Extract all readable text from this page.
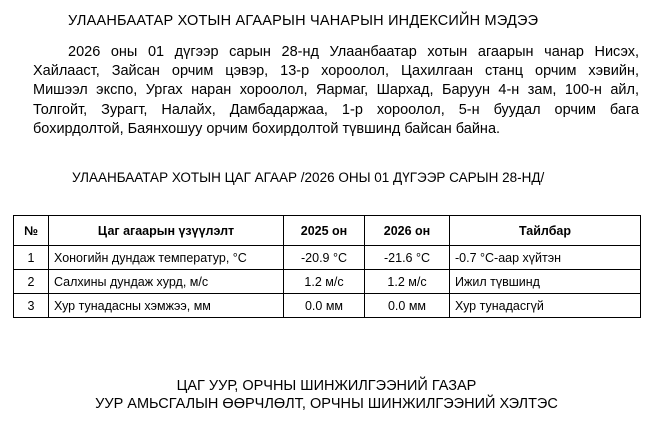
УЛААНБААТАР ХОТЫН АГААРЫН ЧАНАРЫН ИНДЕКСИЙН МЭДЭЭ
2026 оны 01 дүгээр сарын 28-нд Улаанбаатар хотын агаарын чанар Нисэх,
Хайлааст, Зайсан орчим цэвэр, 13-р хороолол, Цахилгаан станц орчим хэвийн,
Мишээл экспо, Ургах наран хороолол, Яармаг, Шархад, Баруун 4-н зам, 100-н айл,
Толгойт, Зурагт, Налайх, Дамбадаржаа, 1-р хороолол, 5-н буудал орчим бага
бохирдолтой, Баянхошуу орчим бохирдолтой түвшинд байсан байна.
УЛААНБААТАР ХОТЫН ЦАГ АГААР /2026 ОНЫ 01 ДҮГЭЭР САРЫН 28-НД/
№	Цаг агаарын үзүүлэлт	2025 он	2026 он	Тайлбар
1	Хоногийн дундаж температур, °C	-20.9 °C	-21.6 °C	-0.7 °C-аар хүйтэн
2	Салхины дундаж хурд, м/с	1.2 м/с	1.2 м/с	Ижил түвшинд
3	Хур тунадасны хэмжээ, мм	0.0 мм	0.0 мм	Хур тунадасгүй
ЦАГ УУР, ОРЧНЫ ШИНЖИЛГЭЭНИЙ ГАЗАР
УУР АМЬСГАЛЫН ӨӨРЧЛӨЛТ, ОРЧНЫ ШИНЖИЛГЭЭНИЙ ХЭЛТЭС
